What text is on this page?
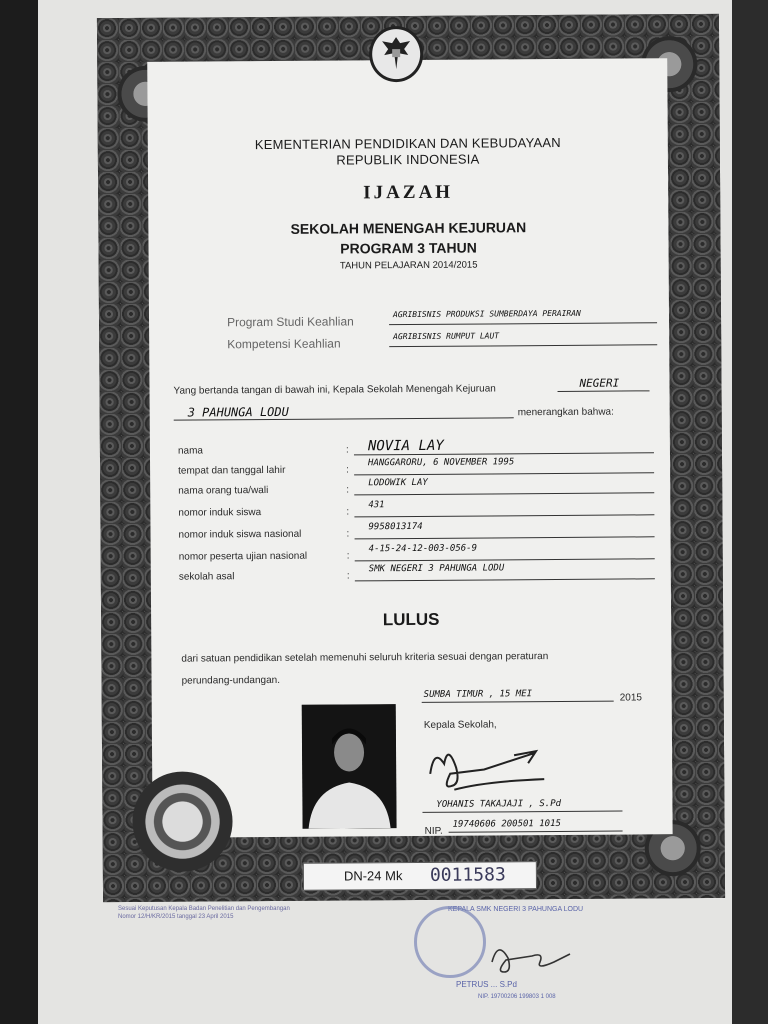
KEMENTERIAN PENDIDIKAN DAN KEBUDAYAAN
REPUBLIK INDONESIA
IJAZAH
SEKOLAH MENENGAH KEJURUAN
PROGRAM 3 TAHUN
TAHUN PELAJARAN 2014/2015
Program Studi Keahlian
AGRIBISNIS PRODUKSI SUMBERDAYA PERAIRAN
Kompetensi Keahlian
AGRIBISNIS RUMPUT LAUT
Yang bertanda tangan di bawah ini, Kepala Sekolah Menengah Kejuruan
NEGERI
3 PAHUNGA LODU	menerangkan bahwa:
nama	: NOVIA LAY
tempat dan tanggal lahir	:
HANGGARORU, 6 NOVEMBER 1995
nama orang tua/wali	:
LODOWIK LAY
nomor induk siswa	:
431
nomor induk siswa nasional	:
9958013174
nomor peserta ujian nasional	:
4-15-24-12-003-056-9
sekolah asal	:
SMK NEGERI 3 PAHUNGA LODU
LULUS
dari satuan pendidikan setelah memenuhi seluruh kriteria sesuai dengan peraturan
perundang-undangan.
SUMBA TIMUR , 15 MEI	2015
Kepala Sekolah,
YOHANIS TAKAJAJI , S.Pd
NIP.
19740606 200501 1015
DN-24 Mk 0011583
Sesuai Keputusan Kepala Badan Penelitian dan Pengembangan
Nomor 12/H/KR/2015 tanggal 23 April 2015
KEPALA SMK NEGERI 3 PAHUNGA LODU
PETRUS ... S.Pd
NIP. 19700206 199803 1 008
